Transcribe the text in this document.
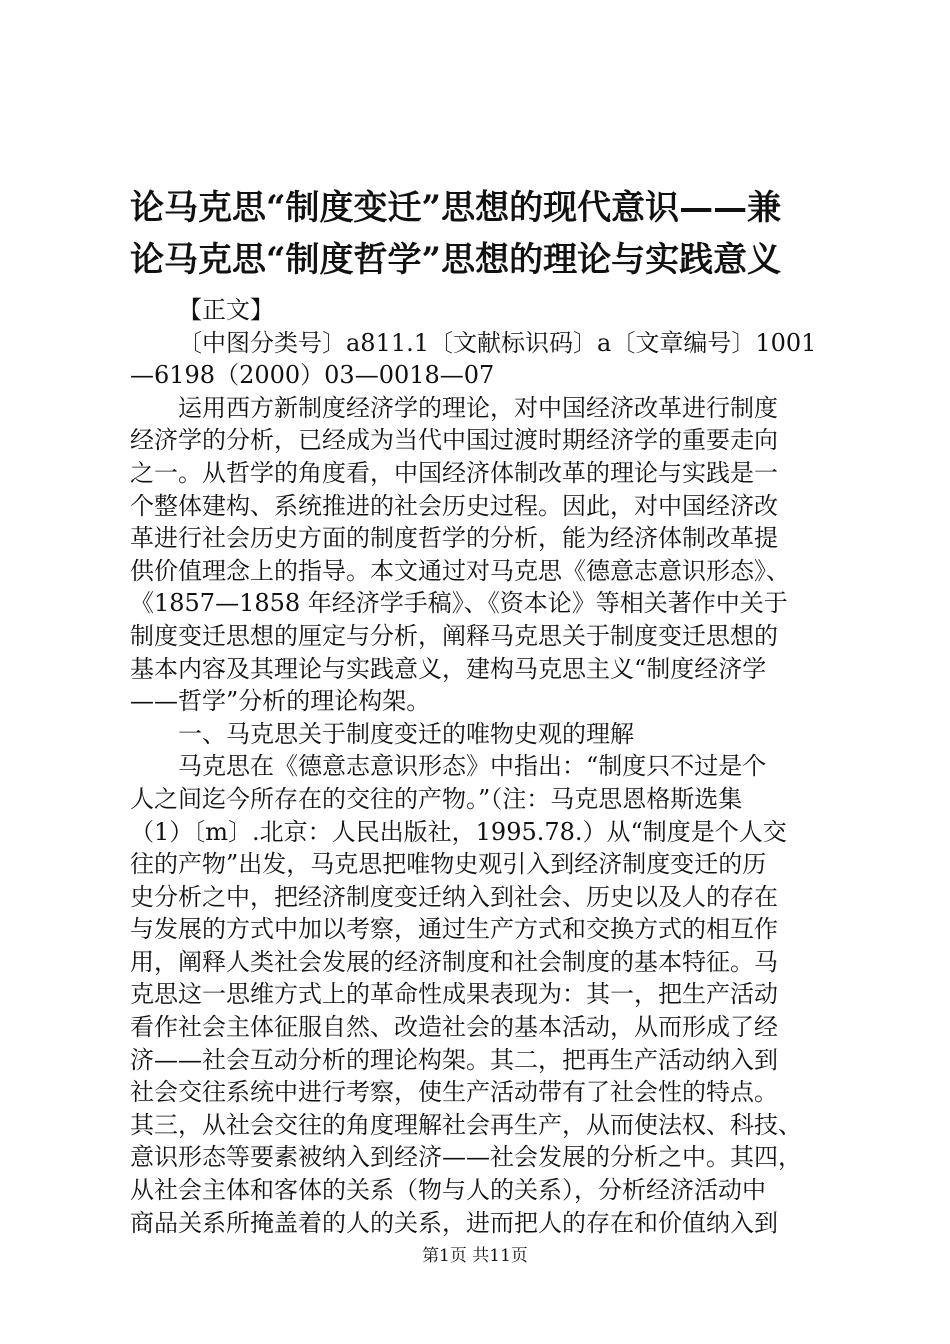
论马克思“制度变迁”思想的现代意识——兼
论马克思“制度哲学”思想的理论与实践意义
【正文】
〔中图分类号〕a811.1〔文献标识码〕a〔文章编号〕1001
—6198（2000）03—0018—07
运用西方新制度经济学的理论，对中国经济改革进行制度
经济学的分析，已经成为当代中国过渡时期经济学的重要走向
之一。从哲学的角度看，中国经济体制改革的理论与实践是一
个整体建构、系统推进的社会历史过程。因此，对中国经济改
革进行社会历史方面的制度哲学的分析，能为经济体制改革提
供价值理念上的指导。本文通过对马克思《德意志意识形态》、
《1857—1858 年经济学手稿》、《资本论》等相关著作中关于
制度变迁思想的厘定与分析，阐释马克思关于制度变迁思想的
基本内容及其理论与实践意义，建构马克思主义“制度经济学
——哲学”分析的理论构架。
一、马克思关于制度变迁的唯物史观的理解
马克思在《德意志意识形态》中指出：“制度只不过是个
人之间迄今所存在的交往的产物。”（注：马克思恩格斯选集
（1）〔m〕.北京：人民出版社，1995.78.）从“制度是个人交
往的产物”出发，马克思把唯物史观引入到经济制度变迁的历
史分析之中，把经济制度变迁纳入到社会、历史以及人的存在
与发展的方式中加以考察，通过生产方式和交换方式的相互作
用，阐释人类社会发展的经济制度和社会制度的基本特征。马
克思这一思维方式上的革命性成果表现为：其一，把生产活动
看作社会主体征服自然、改造社会的基本活动，从而形成了经
济——社会互动分析的理论构架。其二，把再生产活动纳入到
社会交往系统中进行考察，使生产活动带有了社会性的特点。
其三，从社会交往的角度理解社会再生产，从而使法权、科技、
意识形态等要素被纳入到经济——社会发展的分析之中。其四，
从社会主体和客体的关系（物与人的关系），分析经济活动中
商品关系所掩盖着的人的关系，进而把人的存在和价值纳入到
第1页 共11页
